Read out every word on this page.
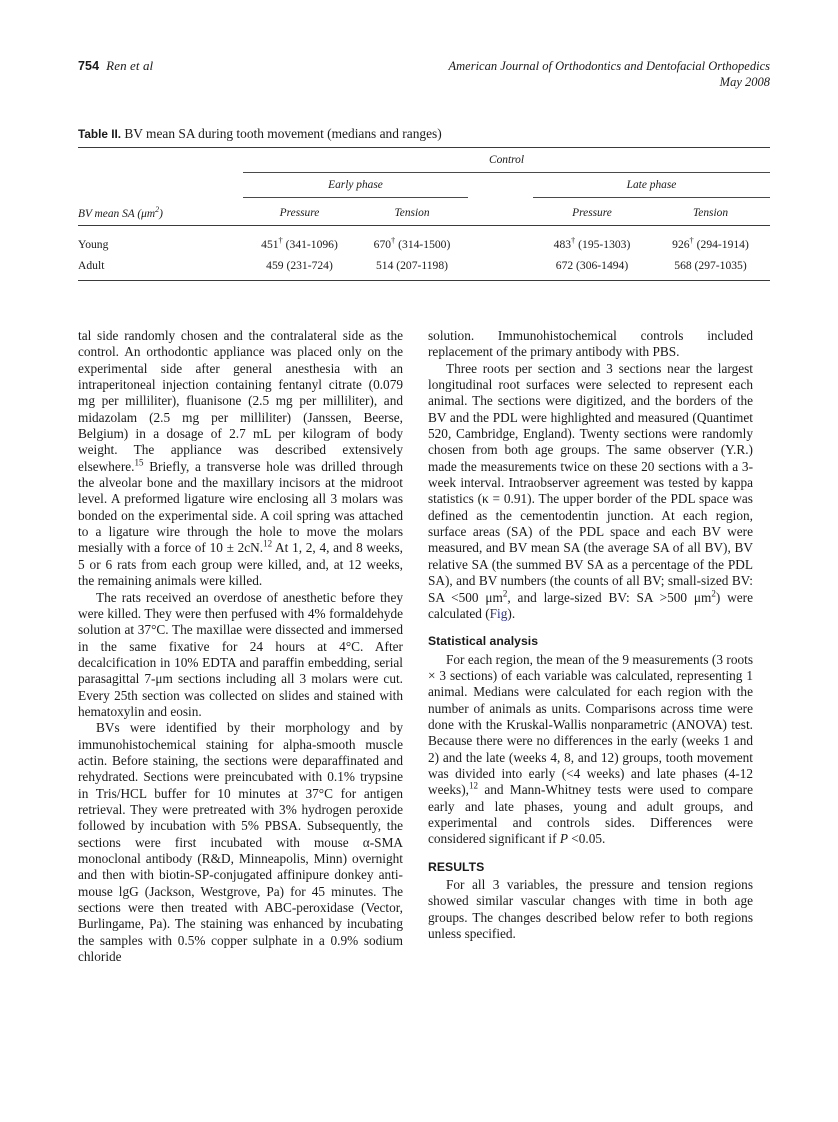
754 Ren et al	American Journal of Orthodontics and Dentofacial Orthopedics
May 2008
Table II. BV mean SA during tooth movement (medians and ranges)

	Control				

	Early phase			Late phase	

BV mean SA $(\mu m^2)$	Pressure	Tension		Pressure	Tension

Young	451† (341-1096)	670† (314-1500)		483† (195-1303)	926† (294-1914)
Adult	459 (231-724)	514 (207-1198)		672 (306-1494)	568 (297-1035)

tal side randomly chosen and the contralateral side as the control. An orthodontic appliance was placed only on the experimental side after general anesthesia with an intraperitoneal injection containing fentanyl citrate (0.079 mg per milliliter), fluanisone (2.5 mg per milliliter), and midazolam (2.5 mg per milliliter) (Janssen, Beerse, Belgium) in a dosage of 2.7 mL per kilogram of body weight. The appliance was described extensively elsewhere.$^{15}$ Briefly, a transverse hole was drilled through the alveolar bone and the maxillary incisors at the midroot level. A preformed ligature wire enclosing all 3 molars was bonded on the experimental side. A coil spring was attached to a ligature wire through the hole to move the molars mesially with a force of 10 ± 2cN.$^{12}$ At 1, 2, 4, and 8 weeks, 5 or 6 rats from each group were killed, and, at 12 weeks, the remaining animals were killed.

The rats received an overdose of anesthetic before they were killed. They were then perfused with 4% formaldehyde solution at 37°C. The maxillae were dissected and immersed in the same fixative for 24 hours at 4°C. After decalcification in 10% EDTA and paraffin embedding, serial parasagittal 7-μm sections including all 3 molars were cut. Every 25th section was collected on slides and stained with hematoxylin and eosin.

BVs were identified by their morphology and by immunohistochemical staining for alpha-smooth muscle actin. Before staining, the sections were deparaffinated and rehydrated. Sections were preincubated with 0.1% trypsine in Tris/HCL buffer for 10 minutes at 37°C for antigen retrieval. They were pretreated with 3% hydrogen peroxide followed by incubation with 5% PBSA. Subsequently, the sections were first incubated with mouse α-SMA monoclonal antibody (R&D, Minneapolis, Minn) overnight and then with biotin-SP-conjugated affinipure donkey anti-mouse lgG (Jackson, Westgrove, Pa) for 45 minutes. The sections were then treated with ABC-peroxidase (Vector, Burlingame, Pa). The staining was enhanced by incubating the samples with 0.5% copper sulphate in a 0.9% sodium chloride

solution. Immunohistochemical controls included replacement of the primary antibody with PBS.

Three roots per section and 3 sections near the largest longitudinal root surfaces were selected to represent each animal. The sections were digitized, and the borders of the BV and the PDL were highlighted and measured (Quantimet 520, Cambridge, England). Twenty sections were randomly chosen from both age groups. The same observer (Y.R.) made the measurements twice on these 20 sections with a 3-week interval. Intraobserver agreement was tested by kappa statistics (κ = 0.91). The upper border of the PDL space was defined as the cementodentin junction. At each region, surface areas (SA) of the PDL space and each BV were measured, and BV mean SA (the average SA of all BV), BV relative SA (the summed BV SA as a percentage of the PDL SA), and BV numbers (the counts of all BV; small-sized BV: SA <500 $\mu m^2$, and large-sized BV: SA >500 $\mu m^2$) were calculated (Fig).

Statistical analysis

For each region, the mean of the 9 measurements (3 roots × 3 sections) of each variable was calculated, representing 1 animal. Medians were calculated for each region with the number of animals as units. Comparisons across time were done with the Kruskal-Wallis nonparametric (ANOVA) test. Because there were no differences in the early (weeks 1 and 2) and the late (weeks 4, 8, and 12) groups, tooth movement was divided into early (<4 weeks) and late phases (4-12 weeks),$^{12}$ and Mann-Whitney tests were used to compare early and late phases, young and adult groups, and experimental and controls sides. Differences were considered significant if P <0.05.

RESULTS

For all 3 variables, the pressure and tension regions showed similar vascular changes with time in both age groups. The changes described below refer to both regions unless specified.
